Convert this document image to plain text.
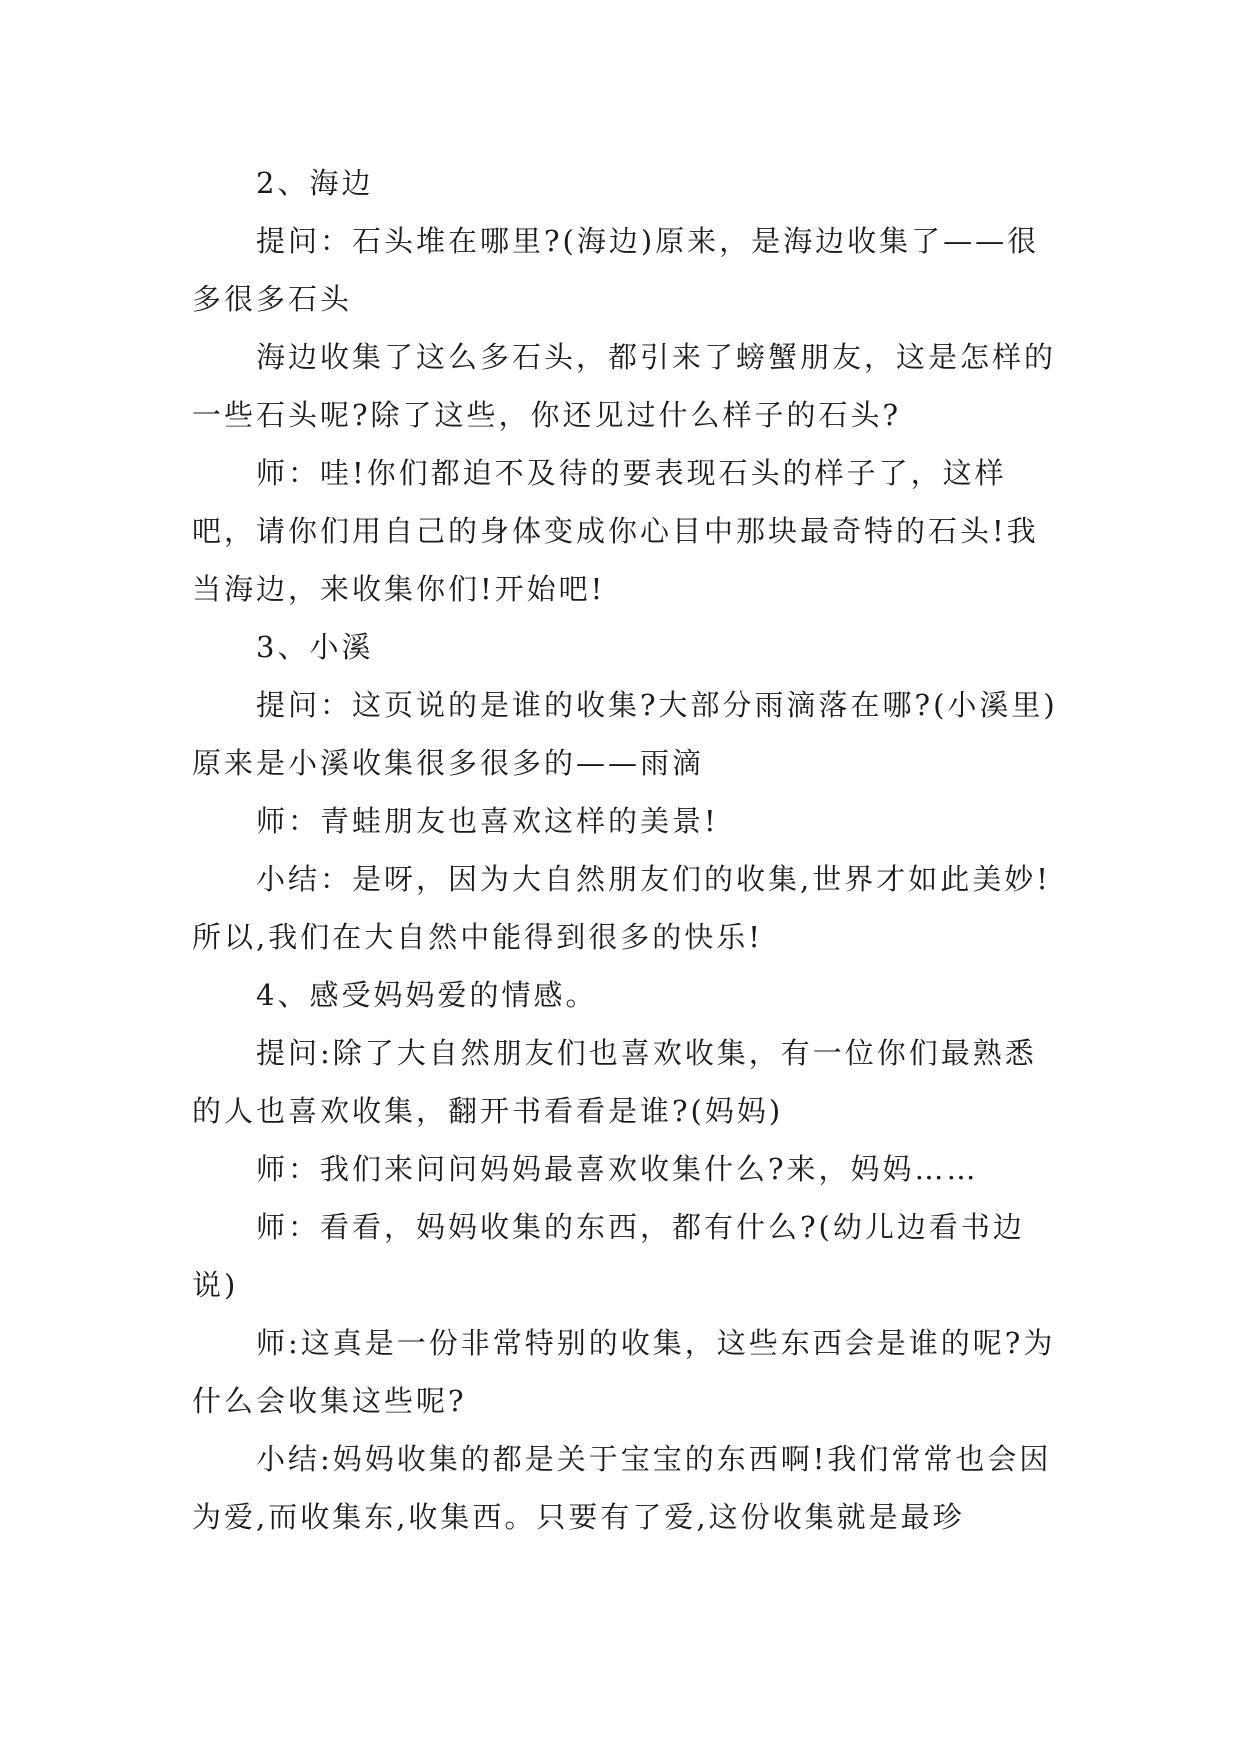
2、海边

提问：石头堆在哪里?(海边)原来，是海边收集了——很多很多石头

海边收集了这么多石头，都引来了螃蟹朋友，这是怎样的一些石头呢?除了这些，你还见过什么样子的石头?

师：哇!你们都迫不及待的要表现石头的样子了，这样吧，请你们用自己的身体变成你心目中那块最奇特的石头!我当海边，来收集你们!开始吧!

3、小溪

提问：这页说的是谁的收集?大部分雨滴落在哪?(小溪里)原来是小溪收集很多很多的——雨滴

师：青蛙朋友也喜欢这样的美景!

小结：是呀，因为大自然朋友们的收集,世界才如此美妙!所以,我们在大自然中能得到很多的快乐!

4、感受妈妈爱的情感。

提问:除了大自然朋友们也喜欢收集，有一位你们最熟悉的人也喜欢收集，翻开书看看是谁?(妈妈)

师：我们来问问妈妈最喜欢收集什么?来，妈妈……

师：看看，妈妈收集的东西，都有什么?(幼儿边看书边说)

师:这真是一份非常特别的收集，这些东西会是谁的呢?为什么会收集这些呢?

小结:妈妈收集的都是关于宝宝的东西啊!我们常常也会因为爱,而收集东,收集西。只要有了爱,这份收集就是最珍
